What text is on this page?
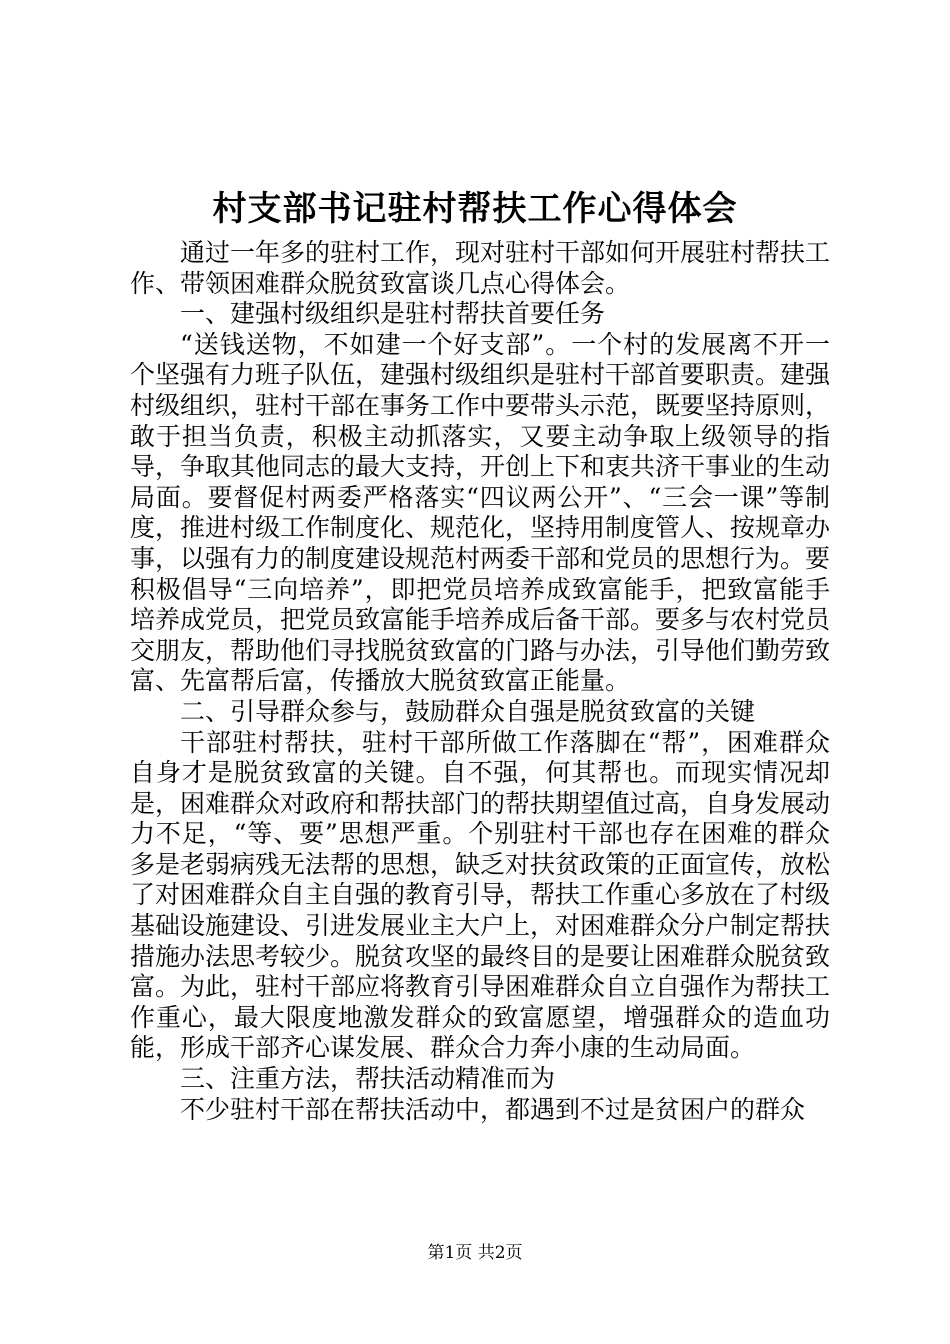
村支部书记驻村帮扶工作心得体会

通过一年多的驻村工作，现对驻村干部如何开展驻村帮扶工作、带领困难群众脱贫致富谈几点心得体会。

一、建强村级组织是驻村帮扶首要任务

“送钱送物，不如建一个好支部”。一个村的发展离不开一个坚强有力班子队伍，建强村级组织是驻村干部首要职责。建强村级组织，驻村干部在事务工作中要带头示范，既要坚持原则，敢于担当负责，积极主动抓落实，又要主动争取上级领导的指导，争取其他同志的最大支持，开创上下和衷共济干事业的生动局面。要督促村两委严格落实“四议两公开”、“三会一课”等制度，推进村级工作制度化、规范化，坚持用制度管人、按规章办事，以强有力的制度建设规范村两委干部和党员的思想行为。要积极倡导“三向培养”，即把党员培养成致富能手，把致富能手培养成党员，把党员致富能手培养成后备干部。要多与农村党员交朋友，帮助他们寻找脱贫致富的门路与办法，引导他们勤劳致富、先富帮后富，传播放大脱贫致富正能量。

二、引导群众参与，鼓励群众自强是脱贫致富的关键

干部驻村帮扶，驻村干部所做工作落脚在“帮”，困难群众自身才是脱贫致富的关键。自不强，何其帮也。而现实情况却是，困难群众对政府和帮扶部门的帮扶期望值过高，自身发展动力不足，“等、要”思想严重。个别驻村干部也存在困难的群众多是老弱病残无法帮的思想，缺乏对扶贫政策的正面宣传，放松了对困难群众自主自强的教育引导，帮扶工作重心多放在了村级基础设施建设、引进发展业主大户上，对困难群众分户制定帮扶措施办法思考较少。脱贫攻坚的最终目的是要让困难群众脱贫致富。为此，驻村干部应将教育引导困难群众自立自强作为帮扶工作重心，最大限度地激发群众的致富愿望，增强群众的造血功能，形成干部齐心谋发展、群众合力奔小康的生动局面。

三、注重方法，帮扶活动精准而为

不少驻村干部在帮扶活动中，都遇到不过是贫困户的群众

第1页 共2页
